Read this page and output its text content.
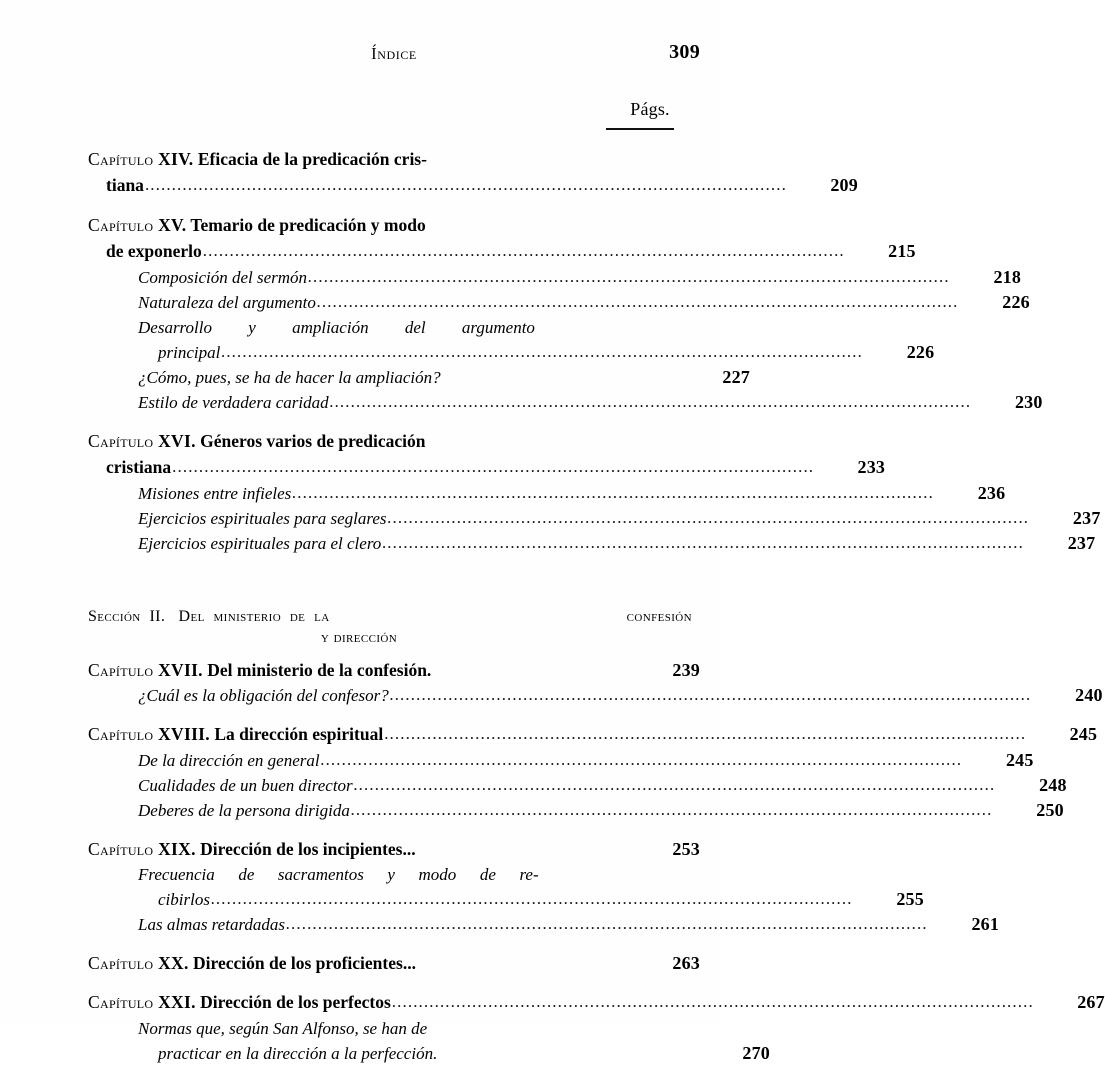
Índice	309
Págs.
Capítulo XIV. Eficacia de la predicación cris-
tiana .....	209
Capítulo XV. Temario de predicación y modo
de exponerlo .....	215
Composición del sermón .....	218
Naturaleza del argumento .....	226
Desarrollo y ampliación del argumento
principal .....	226
¿Cómo, pues, se ha de hacer la ampliación?	227
Estilo de verdadera caridad .....	230
Capítulo XVI. Géneros varios de predicación
cristiana .....	233
Misiones entre infieles .....	236
Ejercicios espirituales para seglares .....	237
Ejercicios espirituales para el clero .....	237
Sección  II.   Del  ministerio  de  la	confesión
y dirección
Capítulo XVII. Del ministerio de la confesión.	239
¿Cuál es la obligación del confesor? .....	240
Capítulo XVIII. La dirección espiritual .....	245
De la dirección en general .....	245
Cualidades de un buen director .....	248
Deberes de la persona dirigida .....	250
Capítulo XIX. Dirección de los incipientes...	253
Frecuencia de sacramentos y modo de re-
cibirlos .....	255
Las almas retardadas .....	261
Capítulo XX. Dirección de los proficientes...	263
Capítulo XXI. Dirección de los perfectos .....	267
Normas que, según San Alfonso, se han de
practicar en la dirección a la perfección.	270
